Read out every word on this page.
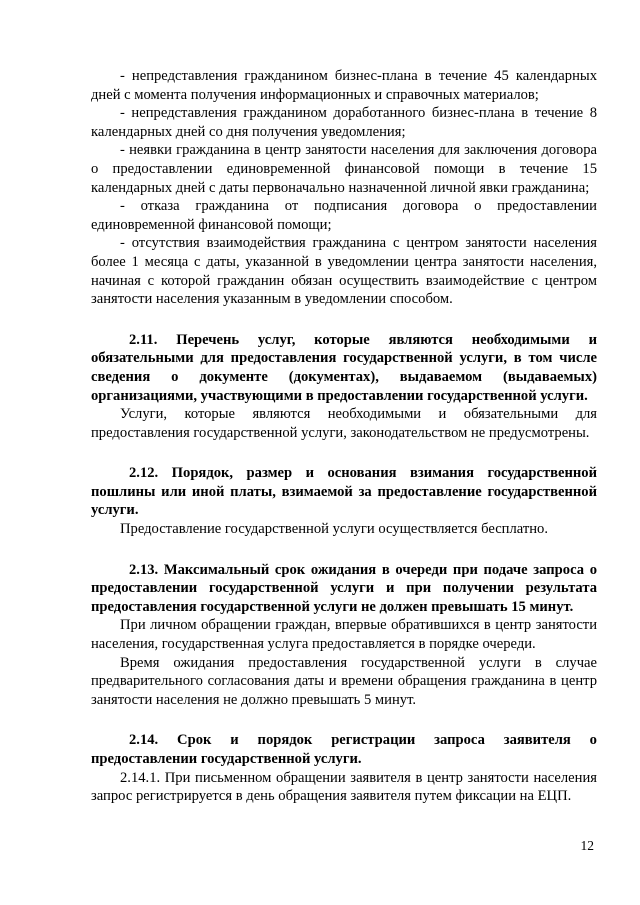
- непредставления гражданином бизнес-плана в течение 45 календарных дней с момента получения информационных и справочных материалов;

- непредставления гражданином доработанного бизнес-плана в течение 8 календарных дней со дня получения уведомления;

- неявки гражданина в центр занятости населения для заключения договора о предоставлении единовременной финансовой помощи в течение 15 календарных дней с даты первоначально назначенной личной явки гражданина;

- отказа гражданина от подписания договора о предоставлении единовременной финансовой помощи;

- отсутствия взаимодействия гражданина с центром занятости населения более 1 месяца с даты, указанной в уведомлении центра занятости населения, начиная с которой гражданин обязан осуществить взаимодействие с центром занятости населения указанным в уведомлении способом.

2.11. Перечень услуг, которые являются необходимыми и обязательными для предоставления государственной услуги, в том числе сведения о документе (документах), выдаваемом (выдаваемых) организациями, участвующими в предоставлении государственной услуги.

Услуги, которые являются необходимыми и обязательными для предоставления государственной услуги, законодательством не предусмотрены.

2.12. Порядок, размер и основания взимания государственной пошлины или иной платы, взимаемой за предоставление государственной услуги.

Предоставление государственной услуги осуществляется бесплатно.

2.13. Максимальный срок ожидания в очереди при подаче запроса о предоставлении государственной услуги и при получении результата предоставления государственной услуги не должен превышать 15 минут.

При личном обращении граждан, впервые обратившихся в центр занятости населения, государственная услуга предоставляется в порядке очереди.

Время ожидания предоставления государственной услуги в случае предварительного согласования даты и времени обращения гражданина в центр занятости населения не должно превышать 5 минут.

2.14. Срок и порядок регистрации запроса заявителя о предоставлении государственной услуги.

2.14.1. При письменном обращении заявителя в центр занятости населения запрос регистрируется в день обращения заявителя путем фиксации на ЕЦП.

12
